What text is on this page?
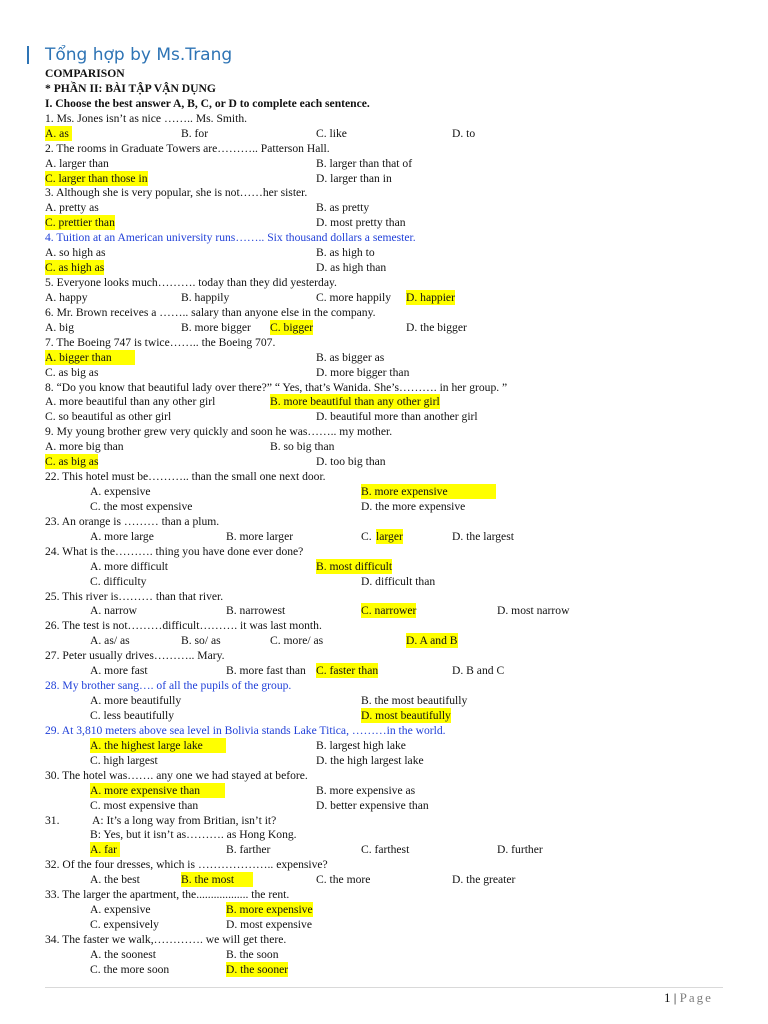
Tổng hợp by Ms.Trang
COMPARISON
* PHẦN II: BÀI TẬP VẬN DỤNG
I. Choose the best answer A, B, C, or D to complete each sentence.
1. Ms. Jones isn’t as nice …….. Ms. Smith.
A. as	B. for	C. like	D. to
2. The rooms in Graduate Towers are……….. Patterson Hall.
A. larger than	B. larger than that of
C. larger than those in	D. larger than in
3. Although she is very popular, she is not……her sister.
A. pretty as	B. as pretty
C. prettier than	D. most pretty than
4. Tuition at an American university runs…….. Six thousand dollars a semester.
A. so high as	B. as high to
C. as high as	D. as high than
5. Everyone looks much………. today than they did yesterday.
A. happy	B. happily	C. more happily D. happier
6. Mr. Brown receives a …….. salary than anyone else in the company.
A. big	B. more bigger C. bigger	D. the bigger
7. The Boeing 747 is twice…….. the Boeing 707.
A. bigger than	B. as bigger as
C. as big as	D. more bigger than
8. “Do you know that beautiful lady over there?” “ Yes, that’s Wanida. She’s………. in her group. ”
A. more beautiful than any other girl	B. more beautiful than any other girl
C. so beautiful as other girl	D. beautiful more than another girl
9. My young brother grew very quickly and soon he was…….. my mother.
A. more big than	B. so big than
C. as big as	D. too big than
22. This hotel must be……….. than the small one next door.
A. expensive	B. more expensive
C. the most expensive	D. the more expensive
23. An orange is ……… than a plum.
A. more large	B. more larger	C. larger	D. the largest
24. What is the………. thing you have done ever done?
A. more difficult	B. most difficult
C. difficulty	D. difficult than
25. This river is……… than that river.
A. narrow	B. narrowest	C. narrower	D. most narrow
26. The test is not………difficult………. it was last month.
A. as/ as	B. so/ as	C. more/ as	D. A and B
27. Peter usually drives……….. Mary.
A. more fast	B. more fast than C. faster than	D. B and C
28. My brother sang…. of all the pupils of the group.
A. more beautifully	B. the most beautifully
C. less beautifully	D. most beautifully
29. At 3,810 meters above sea level in Bolivia stands Lake Titica, ………in the world.
A. the highest large lake	B. largest high lake
C. high largest	D. the high largest lake
30. The hotel was……. any one we had stayed at before.
A. more expensive than	B. more expensive as
C. most expensive than	D. better expensive than
31.	A: It’s a long way from Britian, isn’t it?
B: Yes, but it isn’t as………. as Hong Kong.
A. far	B. farther	C. farthest	D. further
32. Of the four dresses, which is ……………….. expensive?
A. the best	B. the most	C. the more	D. the greater
33. The larger the apartment, the.................. the rent.
A. expensive	B. more expensive
C. expensively	D. most expensive
34. The faster we walk,…………. we will get there.
A. the soonest	B. the soon
C. the more soon	D. the sooner
1 | Page
